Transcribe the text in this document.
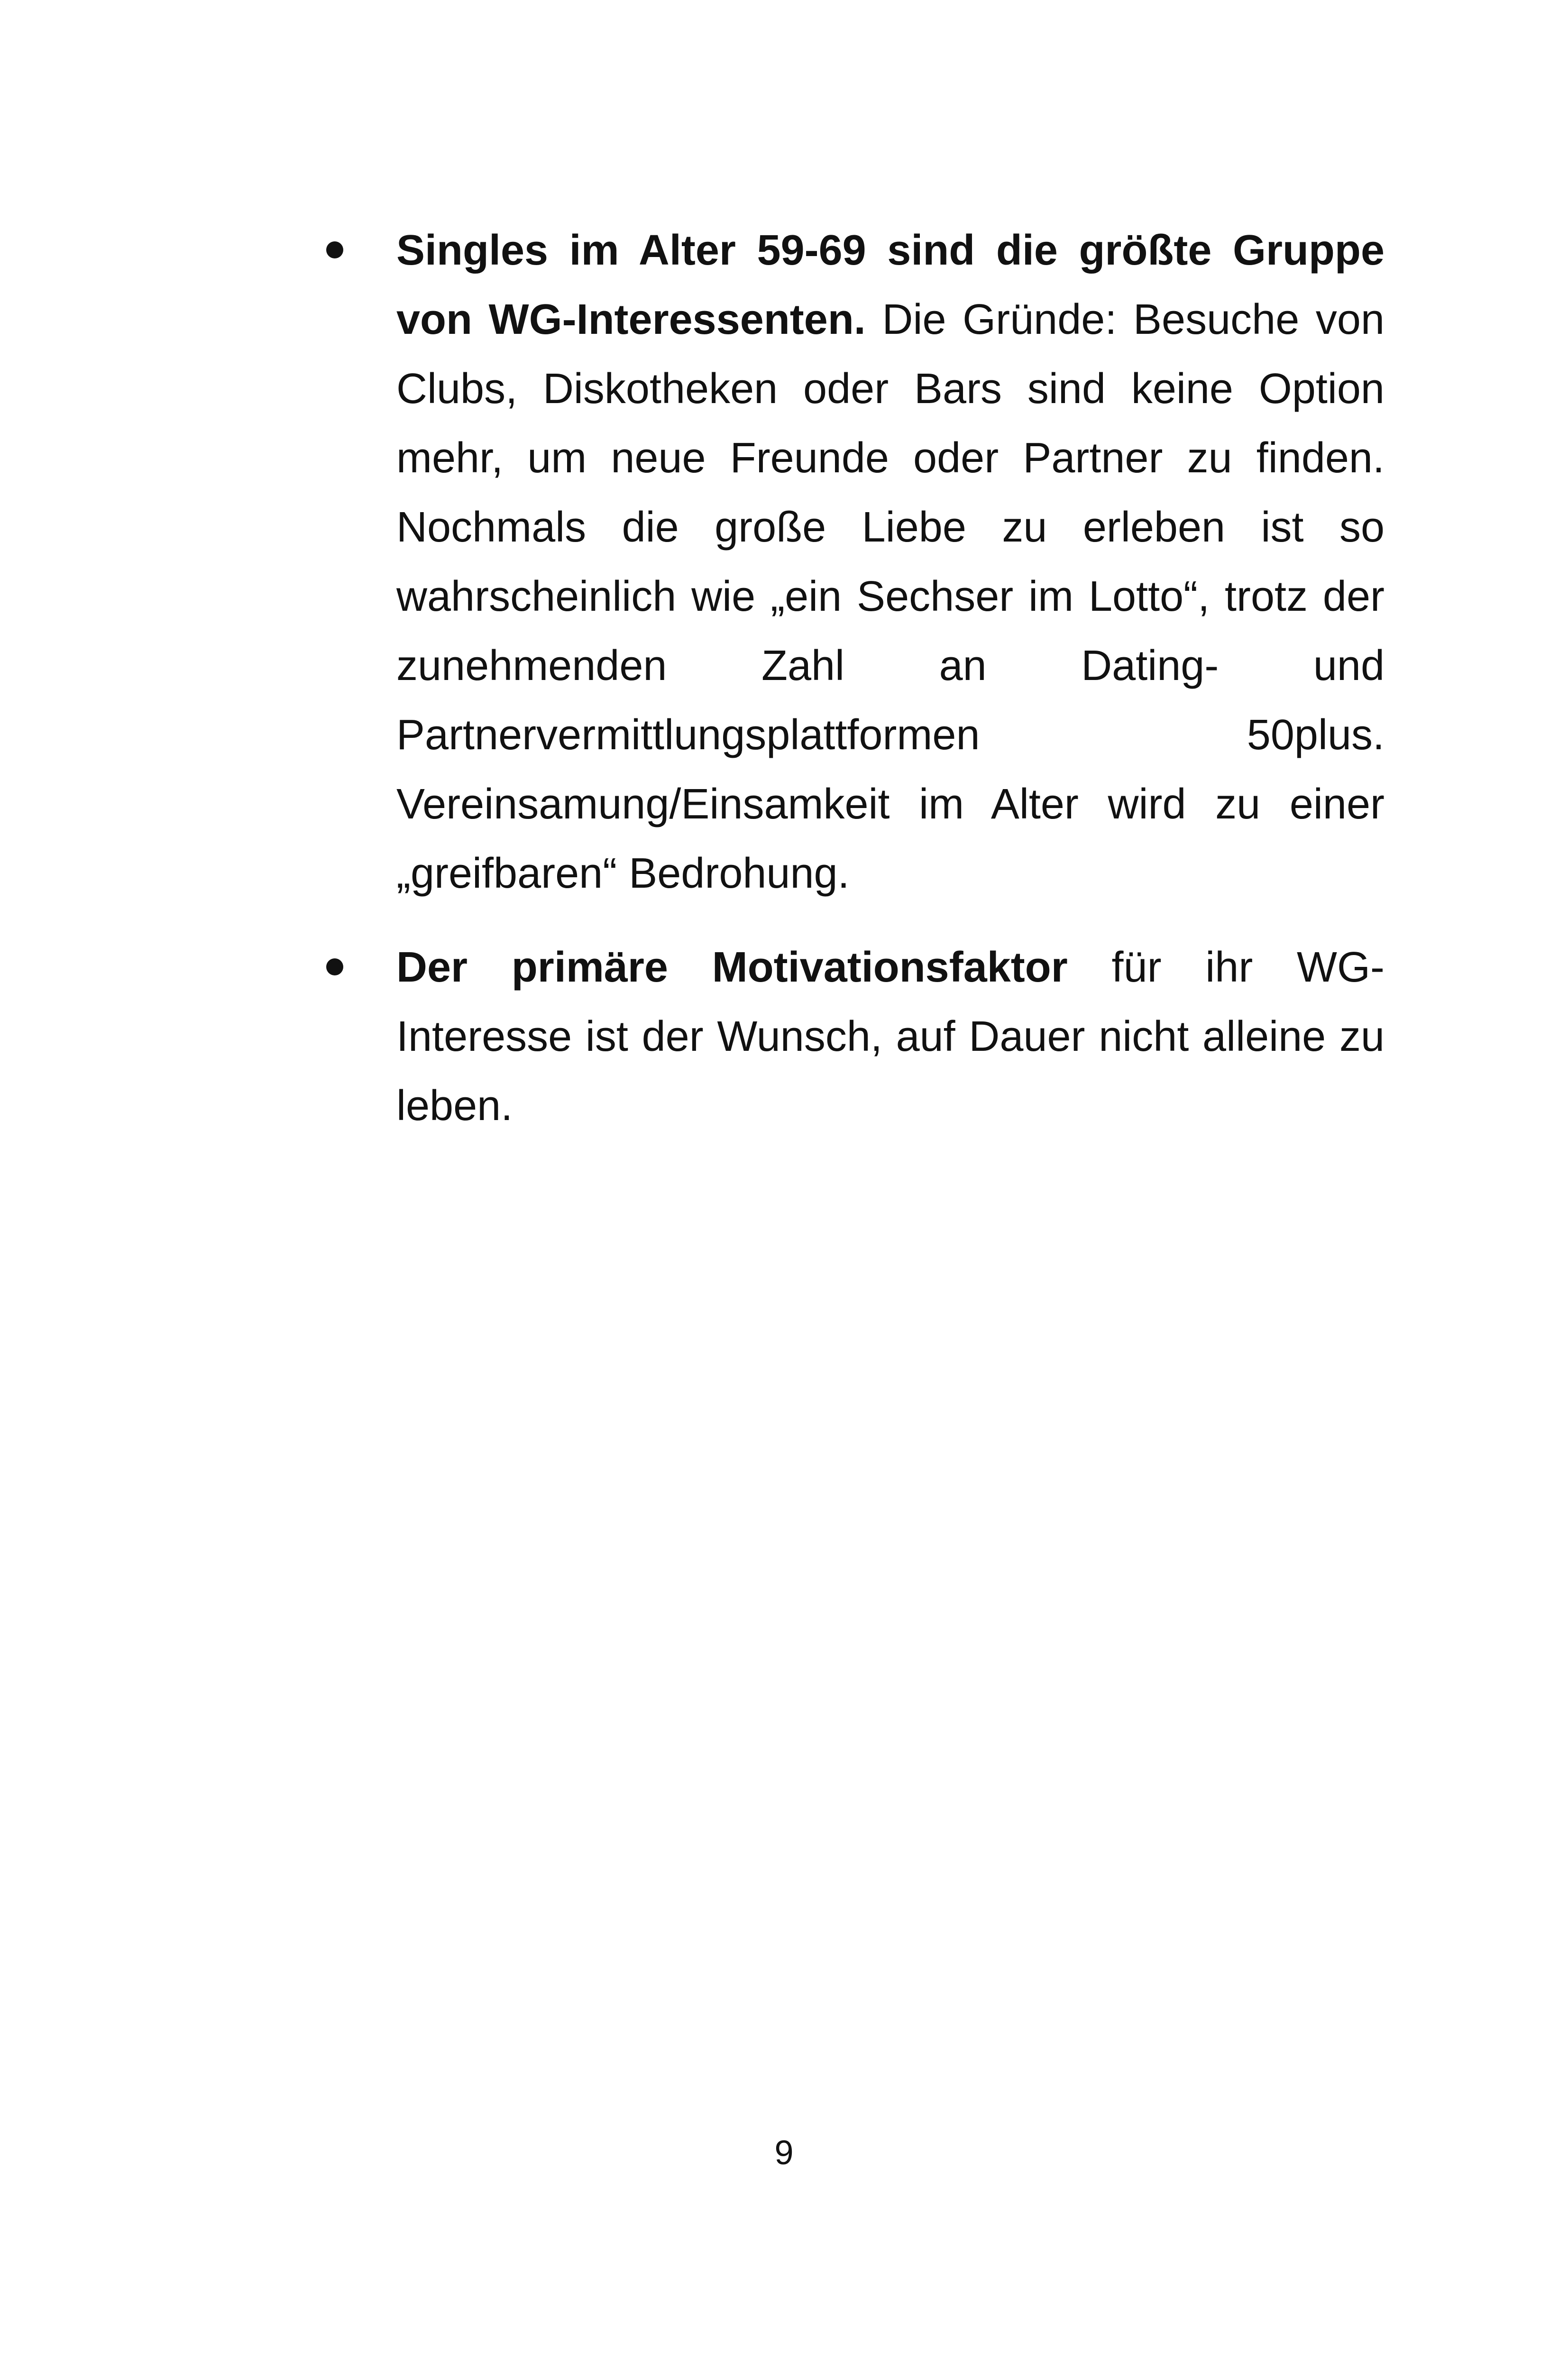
Singles im Alter 59-69 sind die größte Gruppe von WG-Interessenten. Die Gründe: Besuche von Clubs, Diskotheken oder Bars sind keine Option mehr, um neue Freunde oder Partner zu finden. Nochmals die große Liebe zu erleben ist so wahrscheinlich wie „ein Sechser im Lotto“, trotz der zunehmenden Zahl an Dating- und Partnervermittlungsplattformen 50plus. Vereinsamung/Einsamkeit im Alter wird zu einer „greifbaren“ Bedrohung.
Der primäre Motivationsfaktor für ihr WG-Interesse ist der Wunsch, auf Dauer nicht alleine zu leben.
9
